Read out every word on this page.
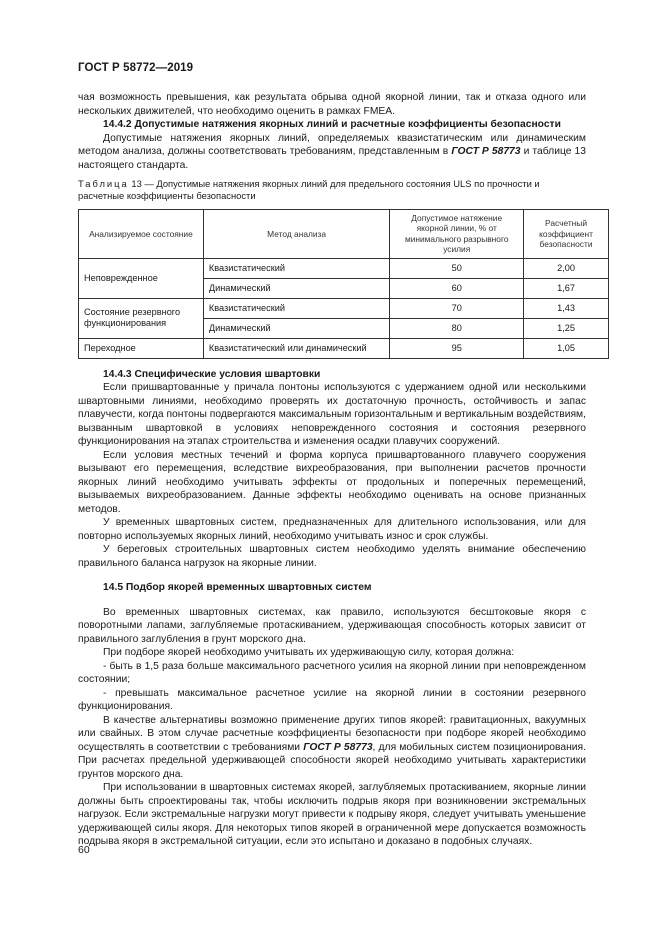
ГОСТ Р 58772—2019

чая возможность превышения, как результата обрыва одной якорной линии, так и отказа одного или нескольких движителей, что необходимо оценить в рамках FMEA.

14.4.2 Допустимые натяжения якорных линий и расчетные коэффициенты безопасности

Допустимые натяжения якорных линий, определяемых квазистатическим или динамическим методом анализа, должны соответствовать требованиям, представленным в ГОСТ Р 58773 и таблице 13 настоящего стандарта.

Таблица 13 — Допустимые натяжения якорных линий для предельного состояния ULS по прочности и расчетные коэффициенты безопасности

Анализируемое состояние	Метод анализа	Допустимое натяжение якорной линии, % от минимального разрывного усилия	Расчетный коэффициент безопасности
Неповрежденное	Квазистатический	50	2,00
	Динамический	60	1,67
Состояние резервного функционирования	Квазистатический	70	1,43
	Динамический	80	1,25
Переходное	Квазистатический или динамический	95	1,05

14.4.3 Специфические условия швартовки

Если пришвартованные у причала понтоны используются с удержанием одной или несколькими швартовными линиями, необходимо проверять их достаточную прочность, остойчивость и запас плавучести, когда понтоны подвергаются максимальным горизонтальным и вертикальным воздействиям, вызванным швартовкой в условиях неповрежденного состояния и состояния резервного функционирования на этапах строительства и изменения осадки плавучих сооружений.

Если условия местных течений и форма корпуса пришвартованного плавучего сооружения вызывают его перемещения, вследствие вихреобразования, при выполнении расчетов прочности якорных линий необходимо учитывать эффекты от продольных и поперечных перемещений, вызываемых вихреобразованием. Данные эффекты необходимо оценивать на основе признанных методов.

У временных швартовных систем, предназначенных для длительного использования, или для повторно используемых якорных линий, необходимо учитывать износ и срок службы.

У береговых строительных швартовных систем необходимо уделять внимание обеспечению правильного баланса нагрузок на якорные линии.

14.5 Подбор якорей временных швартовных систем

Во временных швартовных системах, как правило, используются бесштоковые якоря с поворотными лапами, заглубляемые протаскиванием, удерживающая способность которых зависит от правильного заглубления в грунт морского дна.

При подборе якорей необходимо учитывать их удерживающую силу, которая должна:

- быть в 1,5 раза больше максимального расчетного усилия на якорной линии при неповрежденном состоянии;

- превышать максимальное расчетное усилие на якорной линии в состоянии резервного функционирования.

В качестве альтернативы возможно применение других типов якорей: гравитационных, вакуумных или свайных. В этом случае расчетные коэффициенты безопасности при подборе якорей необходимо осуществлять в соответствии с требованиями ГОСТ Р 58773, для мобильных систем позиционирования. При расчетах предельной удерживающей способности якорей необходимо учитывать характеристики грунтов морского дна.

При использовании в швартовных системах якорей, заглубляемых протаскиванием, якорные линии должны быть спроектированы так, чтобы исключить подрыв якоря при возникновении экстремальных нагрузок. Если экстремальные нагрузки могут привести к подрыву якоря, следует учитывать уменьшение удерживающей силы якоря. Для некоторых типов якорей в ограниченной мере допускается возможность подрыва якоря в экстремальной ситуации, если это испытано и доказано в подобных случаях.

60
